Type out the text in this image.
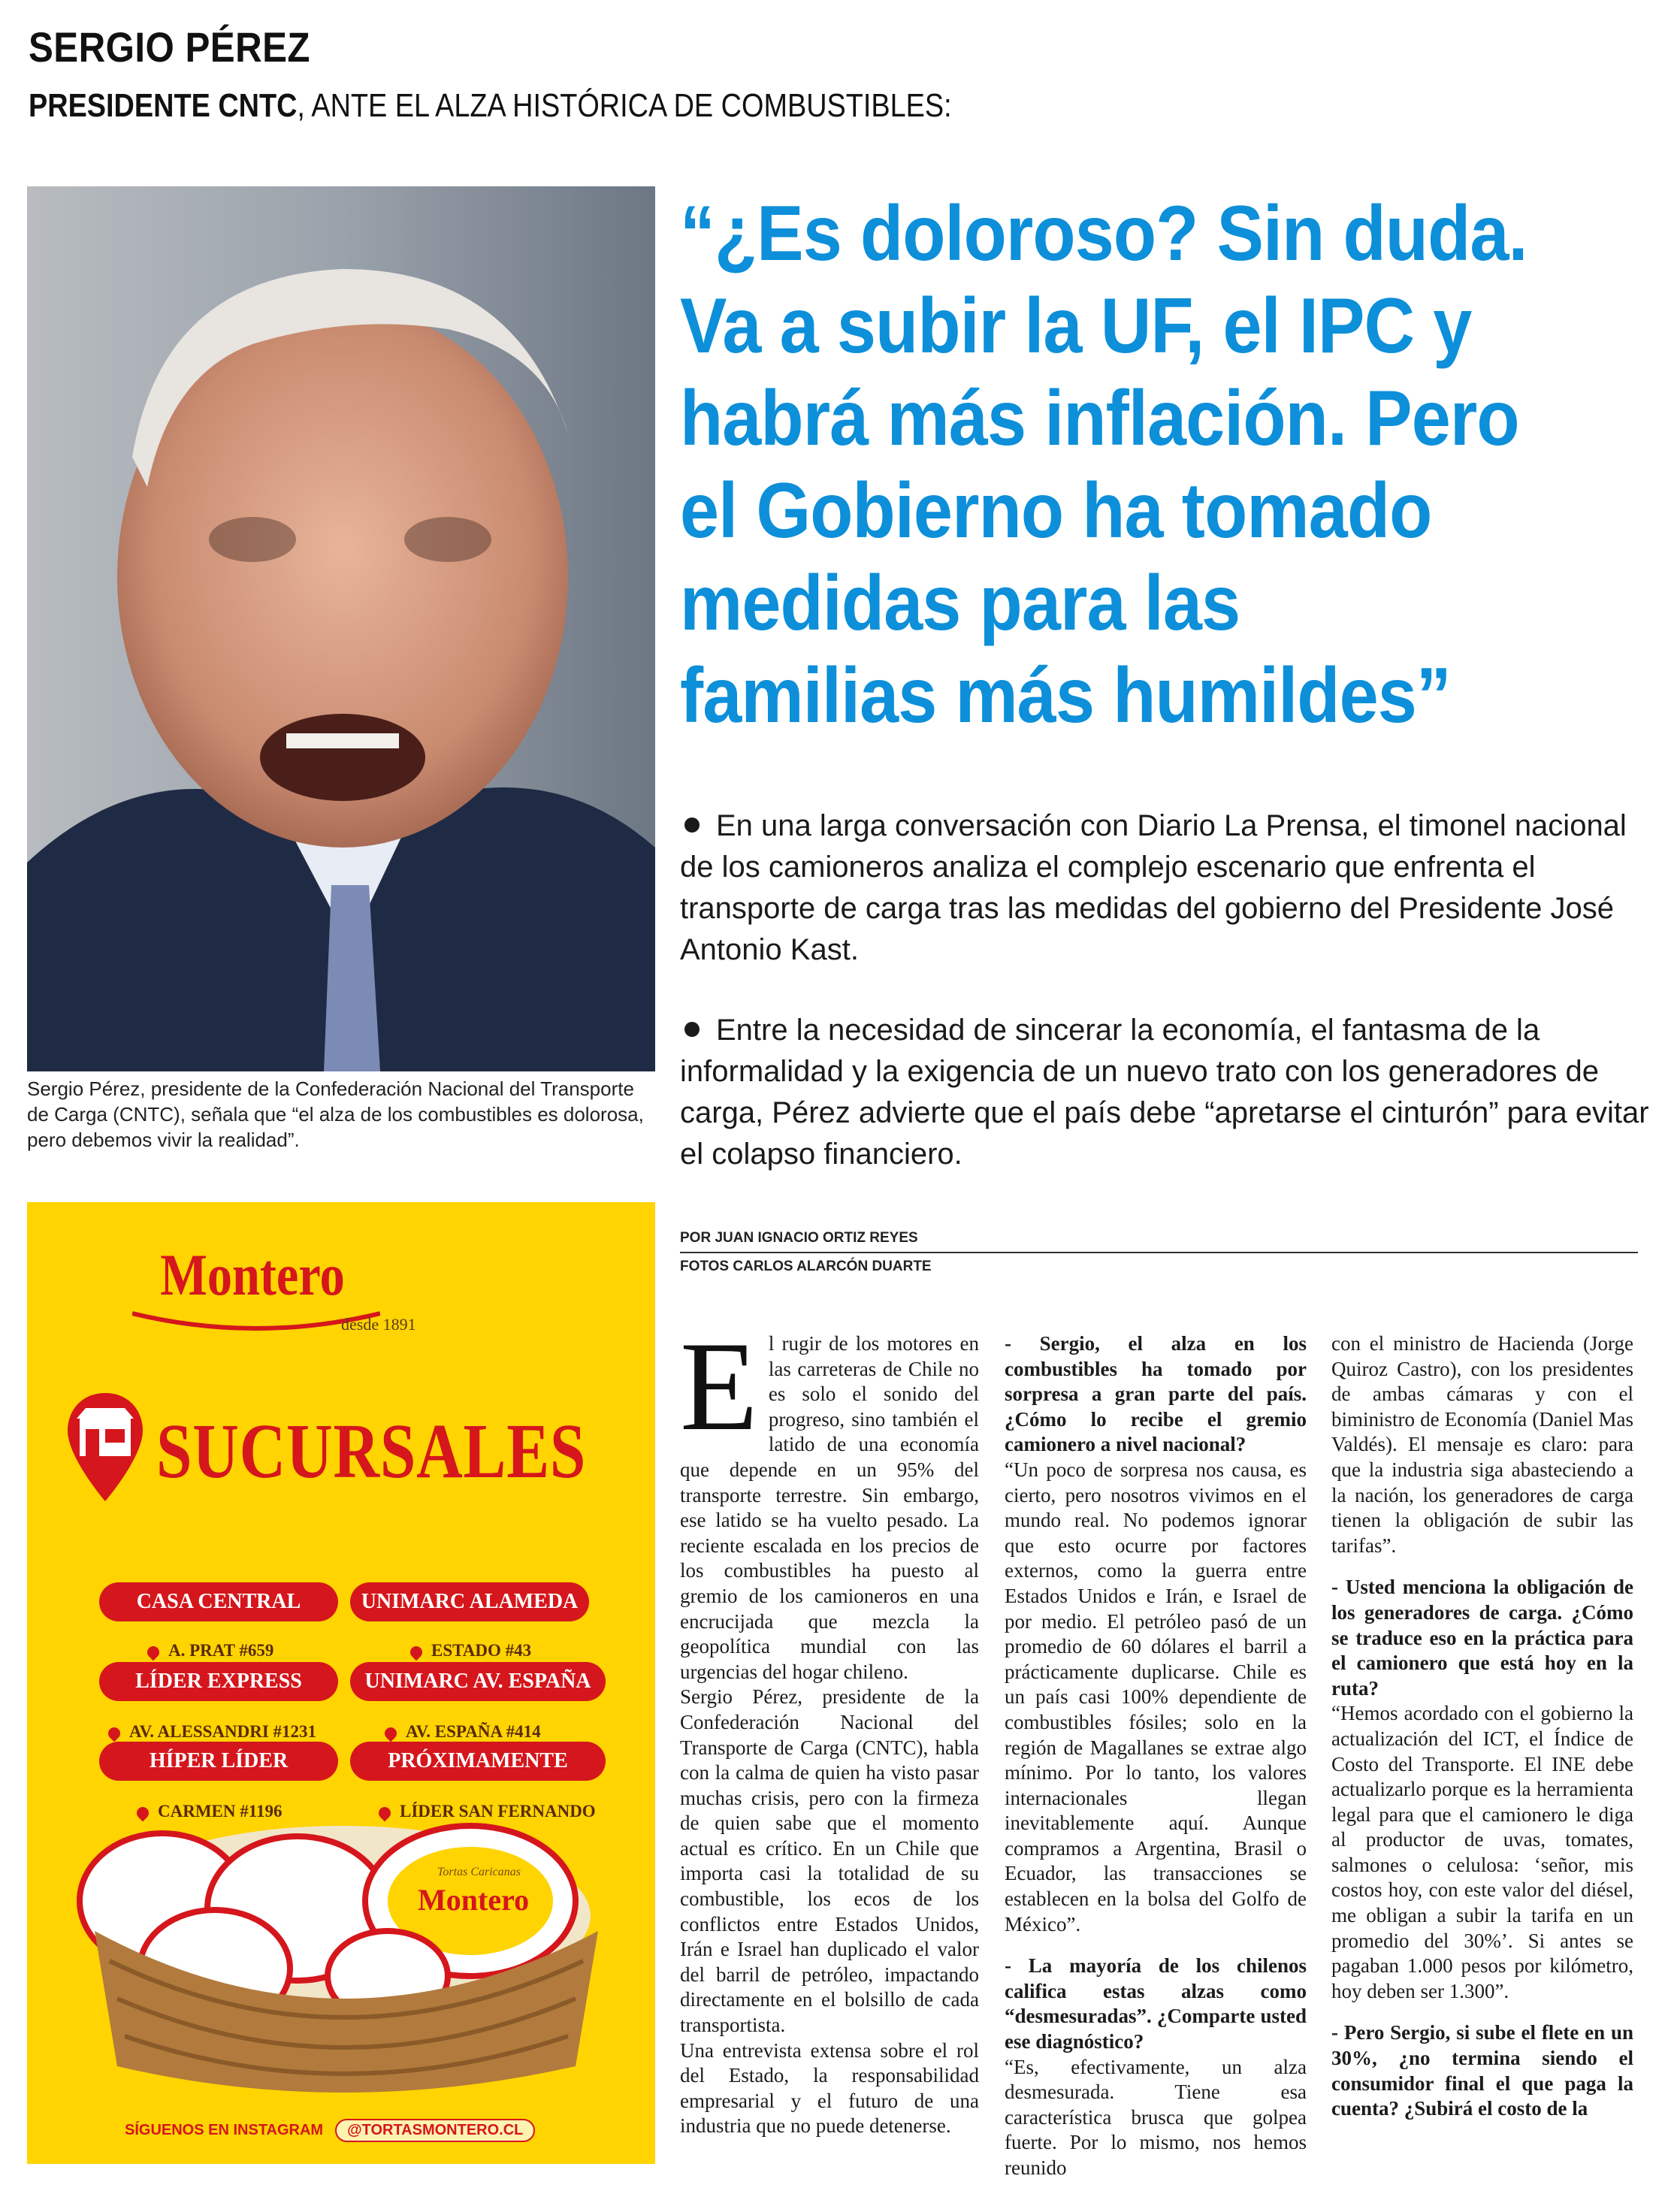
SERGIO PÉREZ
PRESIDENTE CNTC, ANTE EL ALZA HISTÓRICA DE COMBUSTIBLES:
Sergio Pérez, presidente de la Confederación Nacional del Transporte de Carga (CNTC), señala que “el alza de los combustibles es dolorosa, pero debemos vivir la realidad”.
“¿Es doloroso? Sin duda.
Va a subir la UF, el IPC y
habrá más inflación. Pero
el Gobierno ha tomado
medidas para las
familias más humildes”
En una larga conversación con Diario La Prensa, el timonel nacional de los camioneros analiza el complejo escenario que enfrenta el transporte de carga tras las medidas del gobierno del Presidente José Antonio Kast.
Entre la necesidad de sincerar la economía, el fantasma de la informalidad y la exigencia de un nuevo trato con los generadores de carga, Pérez advierte que el país debe “apretarse el cinturón” para evitar el colapso financiero.
POR JUAN IGNACIO ORTIZ REYES
FOTOS CARLOS ALARCÓN DUARTE
E l rugir de los motores en las carreteras de Chile no es solo el sonido del progreso, sino también el latido de una economía que depende en un 95% del transporte terrestre. Sin embargo, ese latido se ha vuelto pesado. La reciente escalada en los precios de los combustibles ha puesto al gremio de los camioneros en una encrucijada que mezcla la geopolítica mundial con las urgencias del hogar chileno.

Sergio Pérez, presidente de la Confederación Nacional del Transporte de Carga (CNTC), habla con la calma de quien ha visto pasar muchas crisis, pero con la firmeza de quien sabe que el momento actual es crítico. En un Chile que importa casi la totalidad de su combustible, los ecos de los conflictos entre Estados Unidos, Irán e Israel han duplicado el valor del barril de petróleo, impactando directamente en el bolsillo de cada transportista.

Una entrevista extensa sobre el rol del Estado, la responsabilidad empresarial y el futuro de una industria que no puede detenerse.

- Sergio, el alza en los combustibles ha tomado por sorpresa a gran parte del país. ¿Cómo lo recibe el gremio camionero a nivel nacional?

“Un poco de sorpresa nos causa, es cierto, pero nosotros vivimos en el mundo real. No podemos ignorar que esto ocurre por factores externos, como la guerra entre Estados Unidos e Irán, e Israel de por medio. El petróleo pasó de un promedio de 60 dólares el barril a prácticamente duplicarse. Chile es un país casi 100% dependiente de combustibles fósiles; solo en la región de Magallanes se extrae algo mínimo. Por lo tanto, los valores internacionales llegan inevitablemente aquí. Aunque compramos a Argentina, Brasil o Ecuador, las transacciones se establecen en la bolsa del Golfo de México”.

- La mayoría de los chilenos califica estas alzas como “desmesuradas”. ¿Comparte usted ese diagnóstico?

“Es, efectivamente, un alza desmesurada. Tiene esa característica brusca que golpea fuerte. Por lo mismo, nos hemos reunido

con el ministro de Hacienda (Jorge Quiroz Castro), con los presidentes de ambas cámaras y con el biministro de Economía (Daniel Mas Valdés). El mensaje es claro: para que la industria siga abasteciendo a la nación, los generadores de carga tienen la obligación de subir las tarifas”.

- Usted menciona la obligación de los generadores de carga. ¿Cómo se traduce eso en la práctica para el camionero que está hoy en la ruta?

“Hemos acordado con el gobierno la actualización del ICT, el Índice de Costo del Transporte. El INE debe actualizarlo porque es la herramienta legal para que el camionero le diga al productor de uvas, tomates, salmones o celulosa: ‘señor, mis costos hoy, con este valor del diésel, me obligan a subir la tarifa en un promedio del 30%’. Si antes se pagaban 1.000 pesos por kilómetro, hoy deben ser 1.300”.

- Pero Sergio, si sube el flete en un 30%, ¿no termina siendo el consumidor final el que paga la cuenta? ¿Subirá el costo de la

Montero
desde 1891
SUCURSALES
CASA CENTRAL
A. PRAT #659
UNIMARC ALAMEDA
ESTADO #43
LÍDER EXPRESS
AV. ALESSANDRI #1231
UNIMARC AV. ESPAÑA
AV. ESPAÑA #414
HÍPER LÍDER
CARMEN #1196
PRÓXIMAMENTE
LÍDER SAN FERNANDO
Montero
Tortas Caricanas
SÍGUENOS EN INSTAGRAM @TORTASMONTERO.CL
